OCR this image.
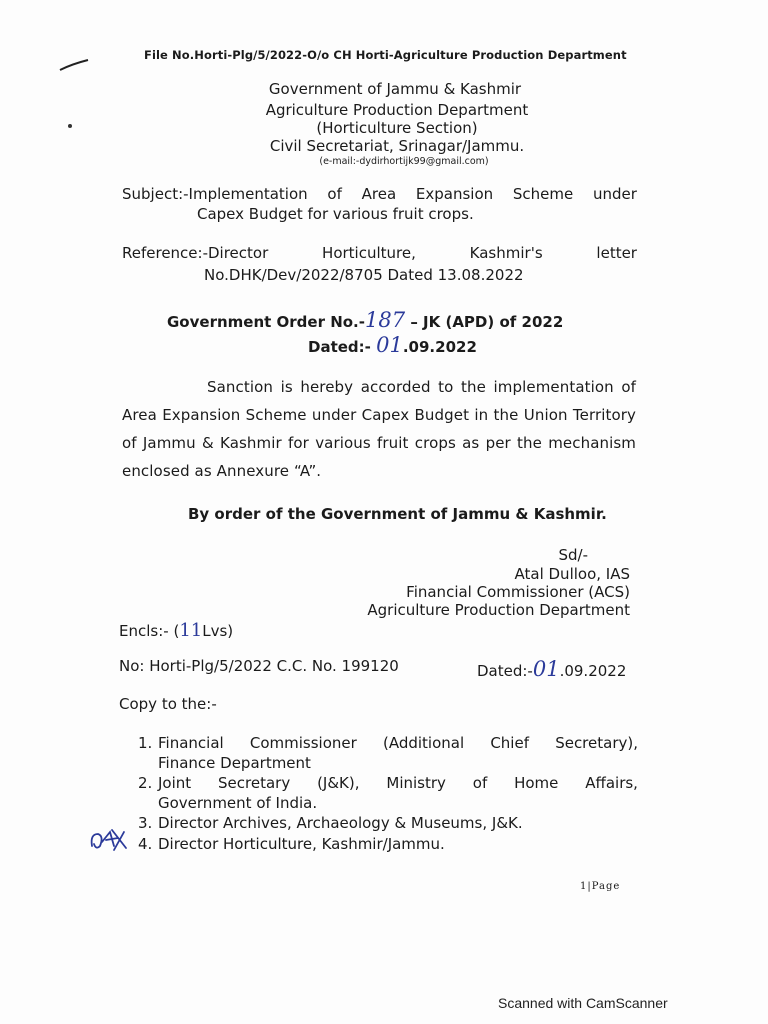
File No.Horti-Plg/5/2022-O/o CH Horti-Agriculture Production Department
Government of Jammu & Kashmir
Agriculture Production Department
(Horticulture Section)
Civil Secretariat, Srinagar/Jammu.
(e-mail:-dydirhortijk99@gmail.com)
Subject:-Implementation of Area Expansion Scheme under
Capex Budget for various fruit crops.
Reference:-Director	Horticulture,	Kashmir's	letter
No.DHK/Dev/2022/8705 Dated 13.08.2022
Government Order No.-187 – JK (APD) of 2022
Dated:- 01.09.2022
Sanction is hereby accorded to the implementation of Area Expansion Scheme under Capex Budget in the Union Territory of Jammu & Kashmir for various fruit crops as per the mechanism enclosed as Annexure “A”.
By order of the Government of Jammu & Kashmir.
Sd/-
Atal Dulloo, IAS
Financial Commissioner (ACS)
Agriculture Production Department
Encls:- (11Lvs)
No: Horti-Plg/5/2022 C.C. No. 199120	Dated:-01.09.2022
Copy to the:-
1. Financial Commissioner (Additional Chief Secretary),
Finance Department
2. Joint Secretary (J&K), Ministry of Home Affairs,
Government of India.
3. Director Archives, Archaeology & Museums, J&K.
4. Director Horticulture, Kashmir/Jammu.
1|Page
Scanned with CamScanner
